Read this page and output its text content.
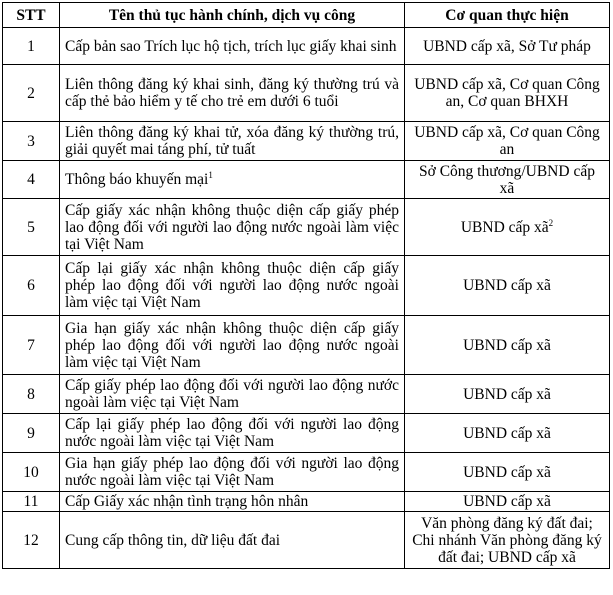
STT	Tên thủ tục hành chính, dịch vụ công	Cơ quan thực hiện
1	Cấp bản sao Trích lục hộ tịch, trích lục giấy khai sinh	UBND cấp xã, Sở Tư pháp
2	Liên thông đăng ký khai sinh, đăng ký thường trú và cấp thẻ bảo hiểm y tế cho trẻ em dưới 6 tuổi	UBND cấp xã, Cơ quan Công an, Cơ quan BHXH
3	Liên thông đăng ký khai tử, xóa đăng ký thường trú, giải quyết mai táng phí, tử tuất	UBND cấp xã, Cơ quan Công an
4	Thông báo khuyến mại$^1$	Sở Công thương/UBND cấp xã
5	Cấp giấy xác nhận không thuộc diện cấp giấy phép lao động đối với người lao động nước ngoài làm việc tại Việt Nam	UBND cấp $xã^2$
6	Cấp lại giấy xác nhận không thuộc diện cấp giấy phép lao động đối với người lao động nước ngoài làm việc tại Việt Nam	UBND cấp xã
7	Gia hạn giấy xác nhận không thuộc diện cấp giấy phép lao động đối với người lao động nước ngoài làm việc tại Việt Nam	UBND cấp xã
8	Cấp giấy phép lao động đối với người lao động nước ngoài làm việc tại Việt Nam	UBND cấp xã
9	Cấp lại giấy phép lao động đối với người lao động nước ngoài làm việc tại Việt Nam	UBND cấp xã
10	Gia hạn giấy phép lao động đối với người lao động nước ngoài làm việc tại Việt Nam	UBND cấp xã
11	Cấp Giấy xác nhận tình trạng hôn nhân	UBND cấp xã
12	Cung cấp thông tin, dữ liệu đất đai	Văn phòng đăng ký đất đai; Chi nhánh Văn phòng đăng ký đất đai; UBND cấp xã
